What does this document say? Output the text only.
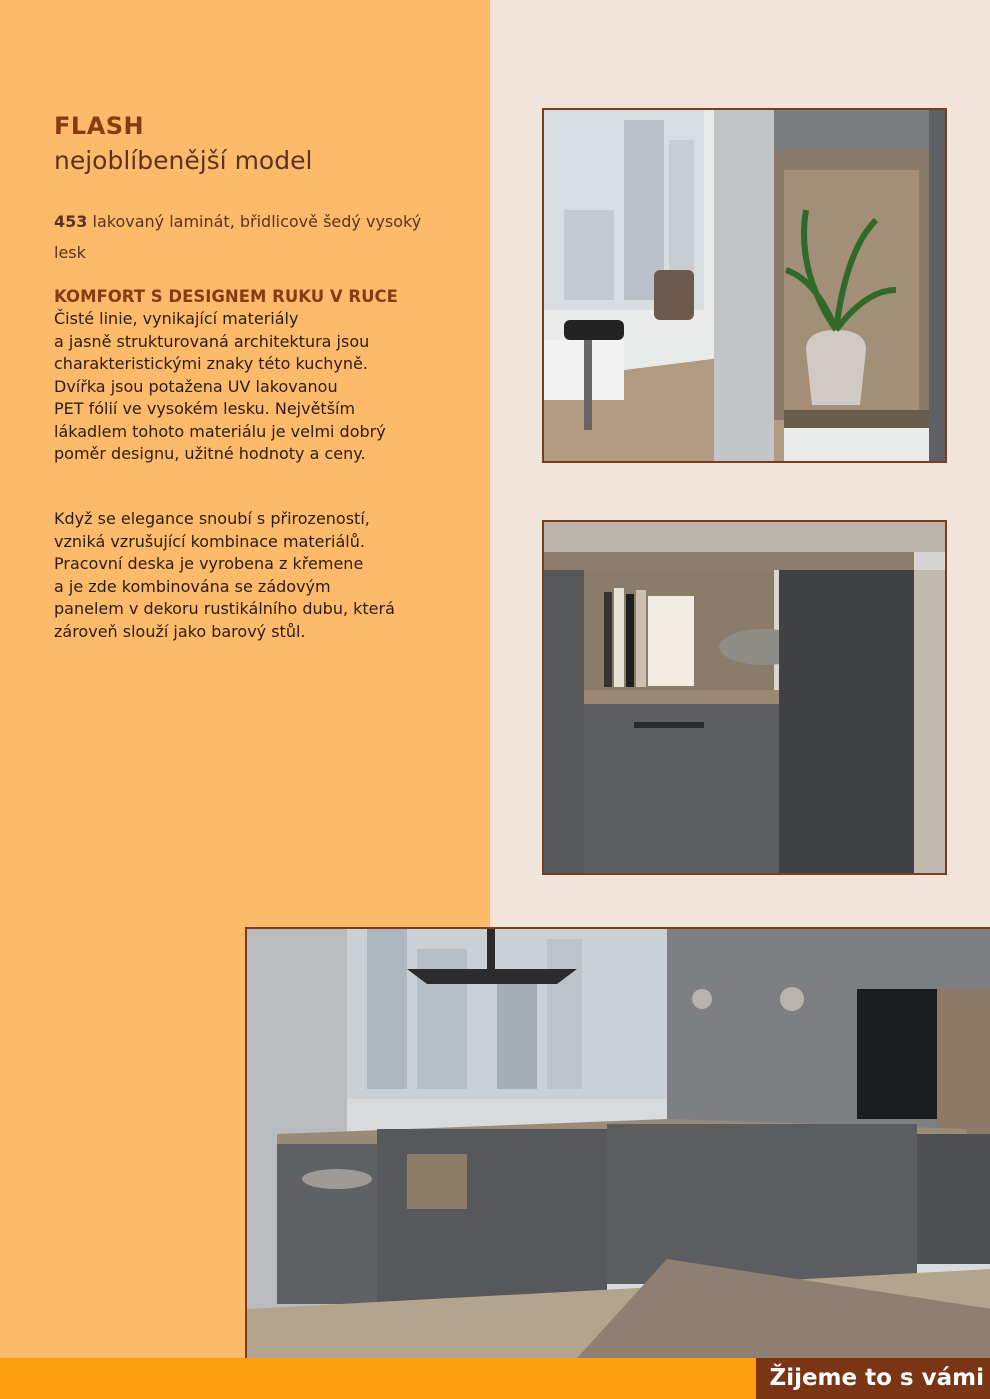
FLASH
nejoblíbenější model
453 lakovaný laminát, břidlicově šedý vysoký lesk
KOMFORT S DESIGNEM RUKU V RUCE
Čisté linie, vynikající materiály
a jasně strukturovaná architektura jsou
charakteristickými znaky této kuchyně.
Dvířka jsou potažena UV lakovanou
PET fólií ve vysokém lesku. Největším
lákadlem tohoto materiálu je velmi dobrý
poměr designu, užitné hodnoty a ceny.
Když se elegance snoubí s přirozeností,
vzniká vzrušující kombinace materiálů.
Pracovní deska je vyrobena z křemene
a je zde kombinována se zádovým
panelem v dekoru rustikálního dubu, která
zároveň slouží jako barový stůl.
Žijeme to s vámi
